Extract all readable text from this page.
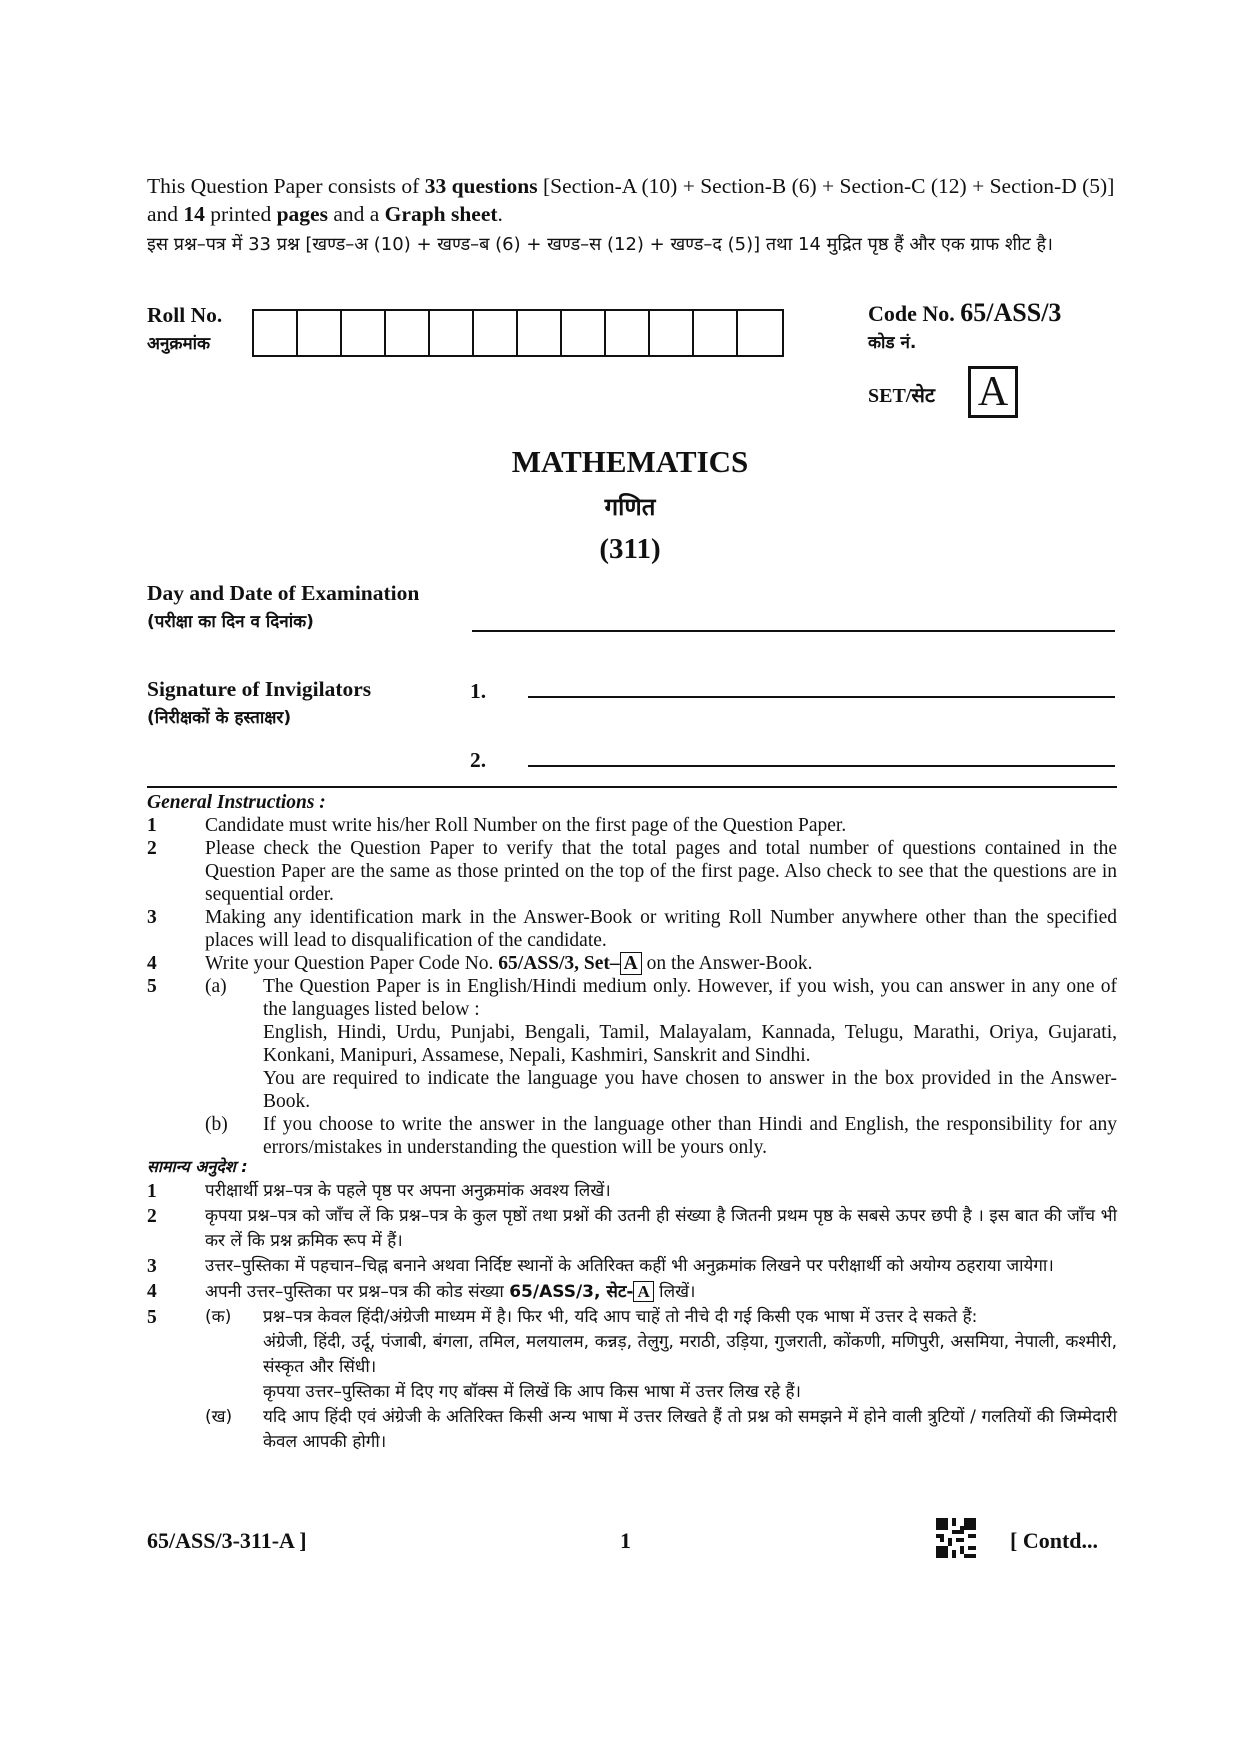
This Question Paper consists of 33 questions [Section-A (10) + Section-B (6) + Section-C (12) + Section-D (5)] and 14 printed pages and a Graph sheet.
इस प्रश्न–पत्र में 33 प्रश्न [खण्ड–अ (10) + खण्ड–ब (6) + खण्ड–स (12) + खण्ड–द (5)] तथा 14 मुद्रित पृष्ठ हैं और एक ग्राफ शीट है।
Roll No.
अनुक्रमांक
Code No. 65/ASS/3
कोड नं.
SET/सेट A
MATHEMATICS
गणित
(311)
Day and Date of Examination
(परीक्षा का दिन व दिनांक)
Signature of Invigilators
(निरीक्षकों के हस्ताक्षर)
1.
2.
General Instructions :
1	Candidate must write his/her Roll Number on the first page of the Question Paper.
2	Please check the Question Paper to verify that the total pages and total number of questions contained in the Question Paper are the same as those printed on the top of the first page. Also check to see that the questions are in sequential order.
3	Making any identification mark in the Answer-Book or writing Roll Number anywhere other than the specified places will lead to disqualification of the candidate.
4	Write your Question Paper Code No. 65/ASS/3, Set– A on the Answer-Book.
5	(a)	The Question Paper is in English/Hindi medium only. However, if you wish, you can answer in any one of the languages listed below :
English, Hindi, Urdu, Punjabi, Bengali, Tamil, Malayalam, Kannada, Telugu, Marathi, Oriya, Gujarati, Konkani, Manipuri, Assamese, Nepali, Kashmiri, Sanskrit and Sindhi.
You are required to indicate the language you have chosen to answer in the box provided in the Answer-Book.
(b)	If you choose to write the answer in the language other than Hindi and English, the responsibility for any errors/mistakes in understanding the question will be yours only.
सामान्य अनुदेश :
1	परीक्षार्थी प्रश्न–पत्र के पहले पृष्ठ पर अपना अनुक्रमांक अवश्य लिखें।
2	कृपया प्रश्न–पत्र को जाँच लें कि प्रश्न–पत्र के कुल पृष्ठों तथा प्रश्नों की उतनी ही संख्या है जितनी प्रथम पृष्ठ के सबसे ऊपर छपी है । इस बात की जाँच भी कर लें कि प्रश्न क्रमिक रूप में हैं।
3	उत्तर–पुस्तिका में पहचान–चिह्न बनाने अथवा निर्दिष्ट स्थानों के अतिरिक्त कहीं भी अनुक्रमांक लिखने पर परीक्षार्थी को अयोग्य ठहराया जायेगा।
4	अपनी उत्तर–पुस्तिका पर प्रश्न–पत्र की कोड संख्या 65/ASS/3, सेट- A लिखें।
5	(क)	प्रश्न–पत्र केवल हिंदी/अंग्रेजी माध्यम में है। फिर भी, यदि आप चाहें तो नीचे दी गई किसी एक भाषा में उत्तर दे सकते हैं:
अंग्रेजी, हिंदी, उर्दू, पंजाबी, बंगला, तमिल, मलयालम, कन्नड़, तेलुगु, मराठी, उड़िया, गुजराती, कोंकणी, मणिपुरी, असमिया, नेपाली, कश्मीरी, संस्कृत और सिंधी।
कृपया उत्तर–पुस्तिका में दिए गए बॉक्स में लिखें कि आप किस भाषा में उत्तर लिख रहे हैं।
(ख)	यदि आप हिंदी एवं अंग्रेजी के अतिरिक्त किसी अन्य भाषा में उत्तर लिखते हैं तो प्रश्न को समझने में होने वाली त्रुटियों / गलतियों की जिम्मेदारी केवल आपकी होगी।
65/ASS/3-311-A ]	1	[ Contd...
